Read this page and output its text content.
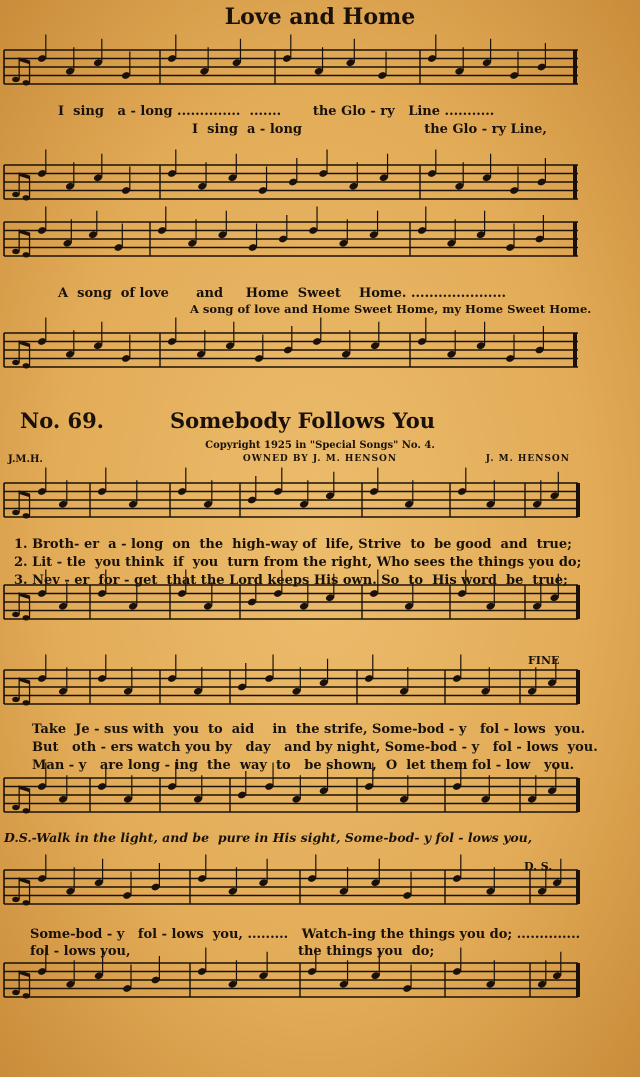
Love and Home
♫
♫
♫
♫
♫
♫
♫
♫
♫
♫
I  sing   a - long ..............  .......       the Glo - ry   Line ...........
I  sing  a - long                           the Glo - ry Line,
A  song  of love      and     Home  Sweet    Home. .....................
A song of love and Home Sweet Home, my Home Sweet Home.
No. 69.	Somebody Follows You
Copyright 1925 in "Special Songs" No. 4.
OWNED BY J. M. HENSON
J.M.H.	J. M. HENSON
1. Broth- er  a - long  on  the  high-way of  life, Strive  to  be good  and  true;
2. Lit - tle  you think  if  you  turn from the right, Who sees the things you do;
3. Nev - er  for - get  that the Lord keeps His own. So  to  His word  be  true;
FINE
Take  Je - sus with  you  to  aid    in  the strife, Some-bod - y   fol - lows  you.
But   oth - ers watch you by   day   and by night, Some-bod - y   fol - lows  you.
Man - y   are long - ing  the  way  to   be shown,  O  let them fol - low   you.
D.S.-Walk in the light, and be  pure in His sight, Some-bod- y fol - lows you,
D. S.
Some-bod - y   fol - lows  you, .........   Watch-ing the things you do; ..............
fol - lows you,                                     the things you  do;
